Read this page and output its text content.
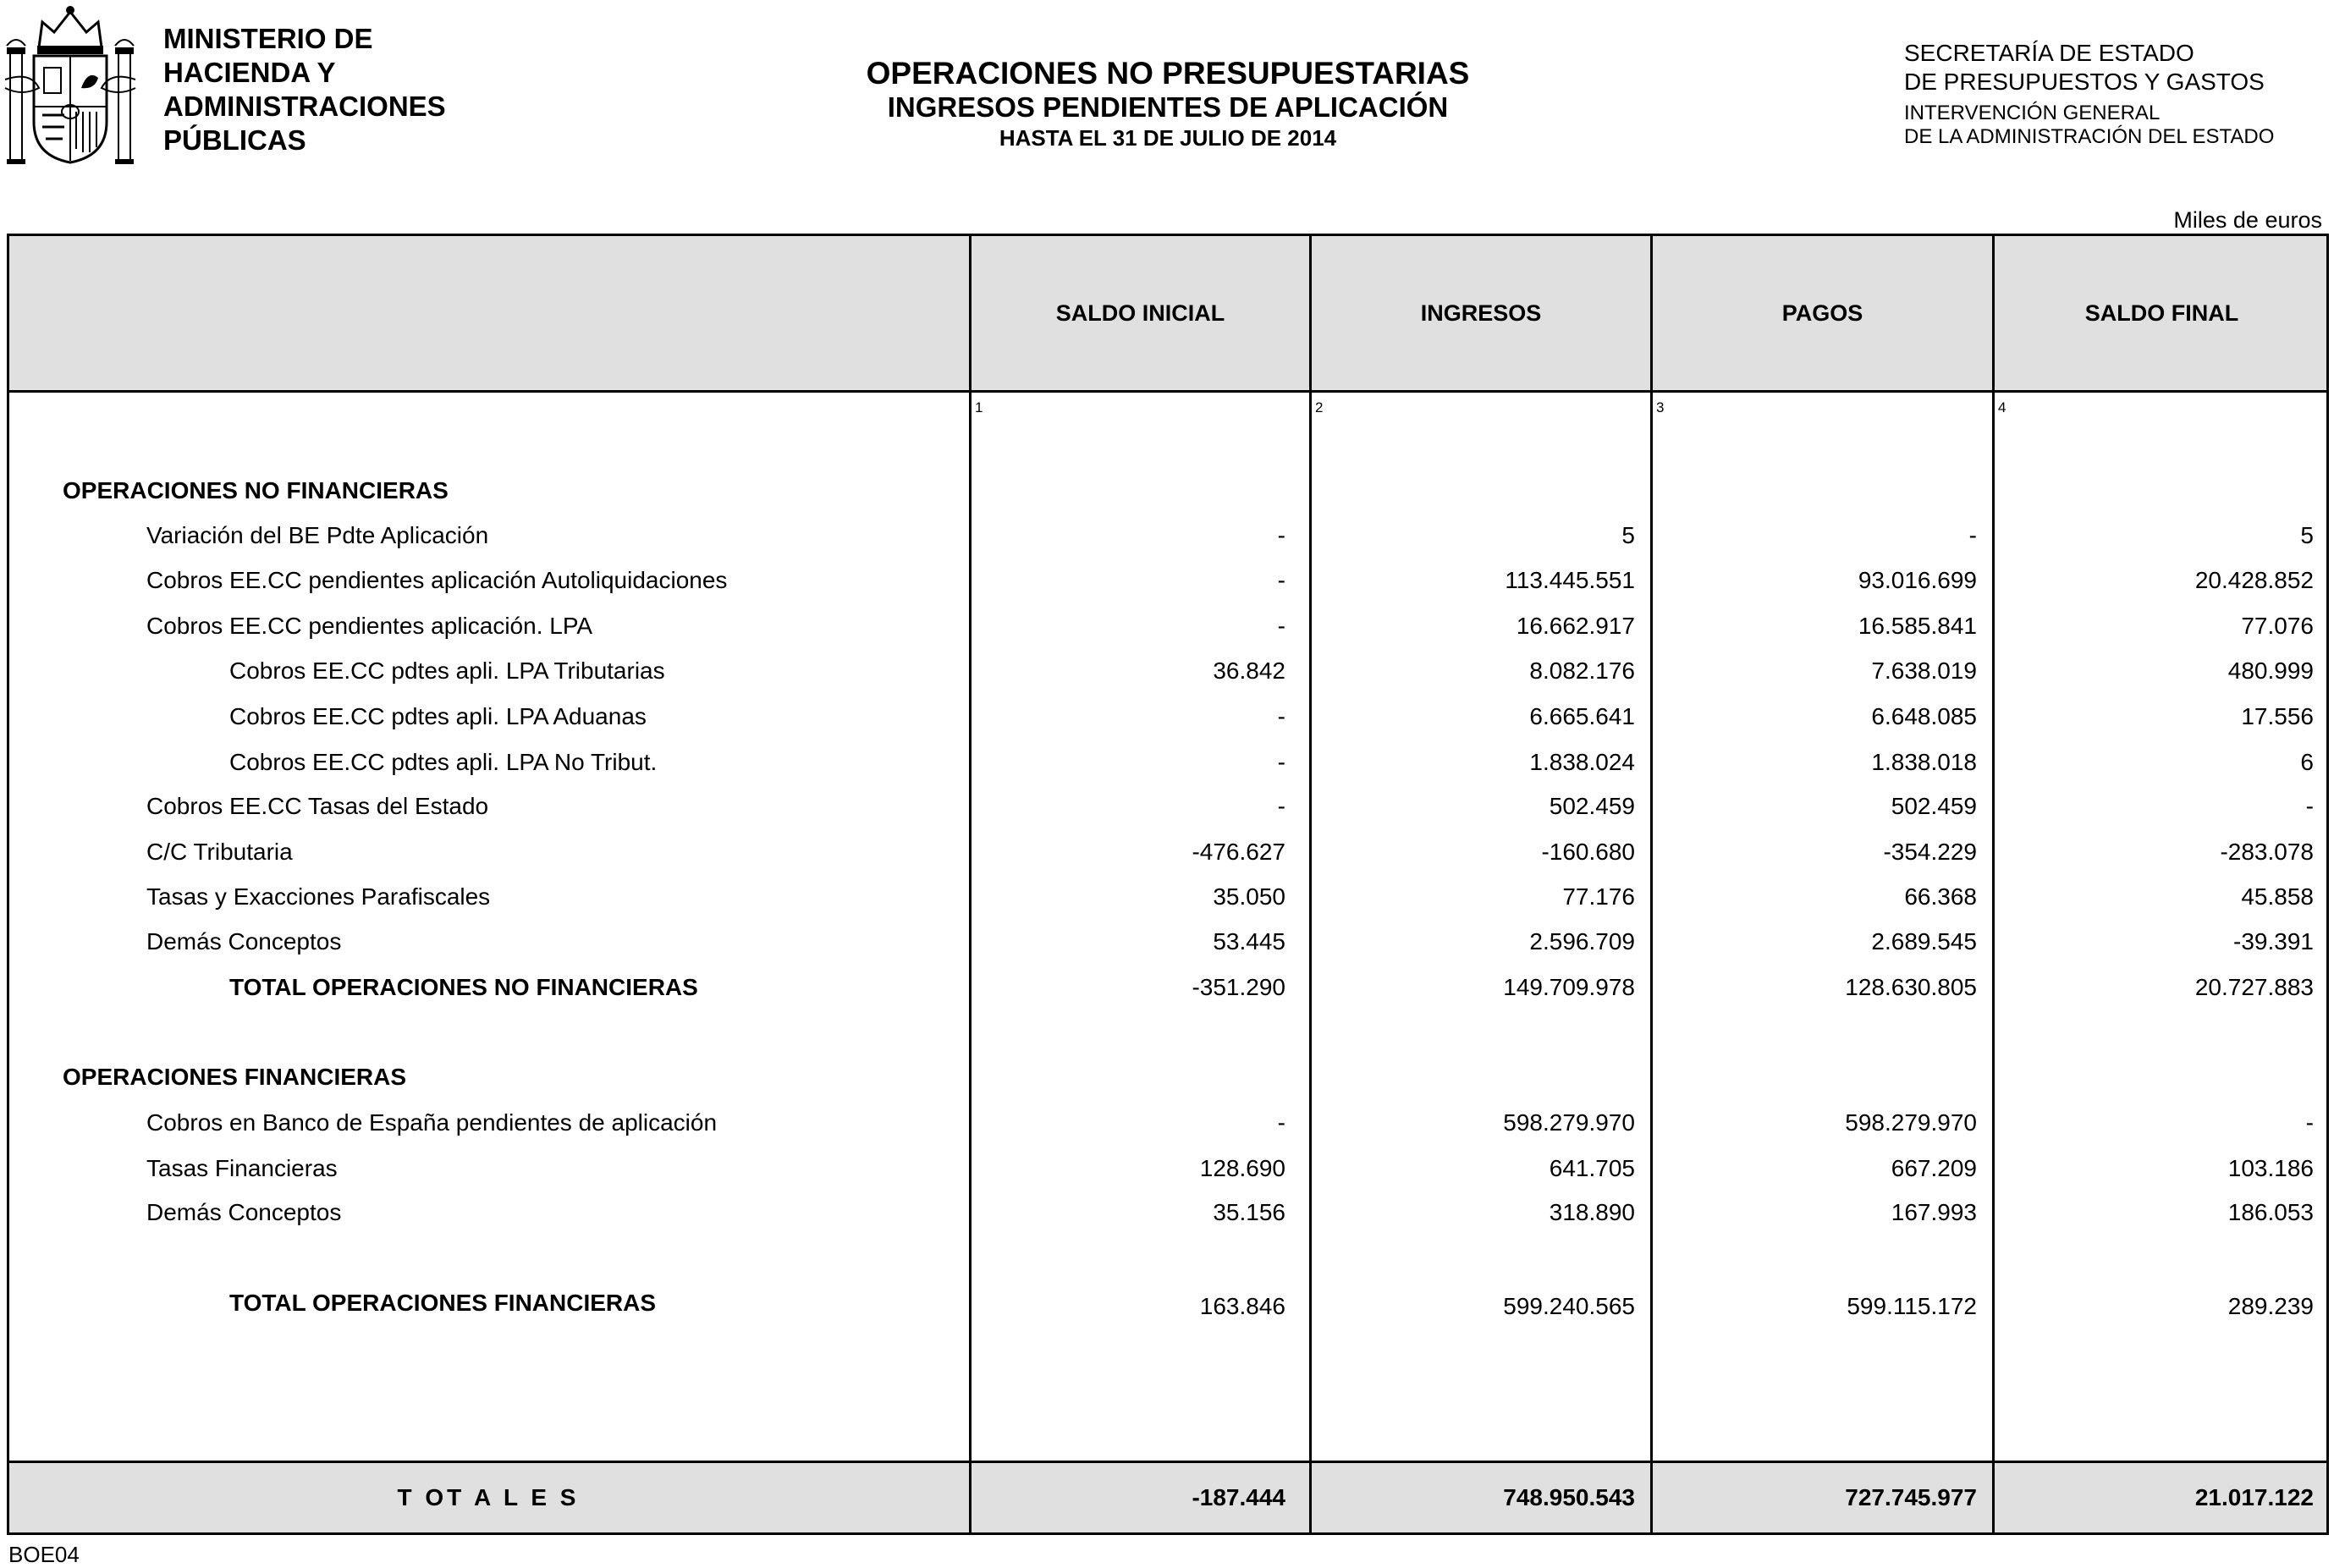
MINISTERIO DE
HACIENDA Y
ADMINISTRACIONES
PÚBLICAS
OPERACIONES NO PRESUPUESTARIAS
INGRESOS PENDIENTES DE APLICACIÓN
HASTA EL 31 DE JULIO DE 2014
SECRETARÍA DE ESTADO
DE PRESUPUESTOS Y GASTOS
INTERVENCIÓN GENERAL
DE LA ADMINISTRACIÓN DEL ESTADO
Miles de euros
SALDO INICIAL	INGRESOS	PAGOS	SALDO FINAL
1	2	3	4
OPERACIONES NO FINANCIERAS
Variación del BE Pdte Aplicación	-	5	-	5
Cobros EE.CC pendientes aplicación Autoliquidaciones	-	113.445.551	93.016.699	20.428.852
Cobros EE.CC pendientes aplicación. LPA	-	16.662.917	16.585.841	77.076
Cobros EE.CC pdtes apli. LPA Tributarias	36.842	8.082.176	7.638.019	480.999
Cobros EE.CC pdtes apli. LPA Aduanas	-	6.665.641	6.648.085	17.556
Cobros EE.CC pdtes apli. LPA No Tribut.	-	1.838.024	1.838.018	6
Cobros EE.CC Tasas del Estado	-	502.459	502.459	-
C/C Tributaria	-476.627	-160.680	-354.229	-283.078
Tasas y Exacciones Parafiscales	35.050	77.176	66.368	45.858
Demás Conceptos	53.445	2.596.709	2.689.545	-39.391
TOTAL OPERACIONES NO FINANCIERAS	-351.290	149.709.978	128.630.805	20.727.883
OPERACIONES FINANCIERAS
Cobros en Banco de España pendientes de aplicación	-	598.279.970	598.279.970	-
Tasas Financieras	128.690	641.705	667.209	103.186
Demás Conceptos	35.156	318.890	167.993	186.053
TOTAL OPERACIONES FINANCIERAS	163.846	599.240.565	599.115.172	289.239
T OT A L E S	-187.444	748.950.543	727.745.977	21.017.122
BOE04
